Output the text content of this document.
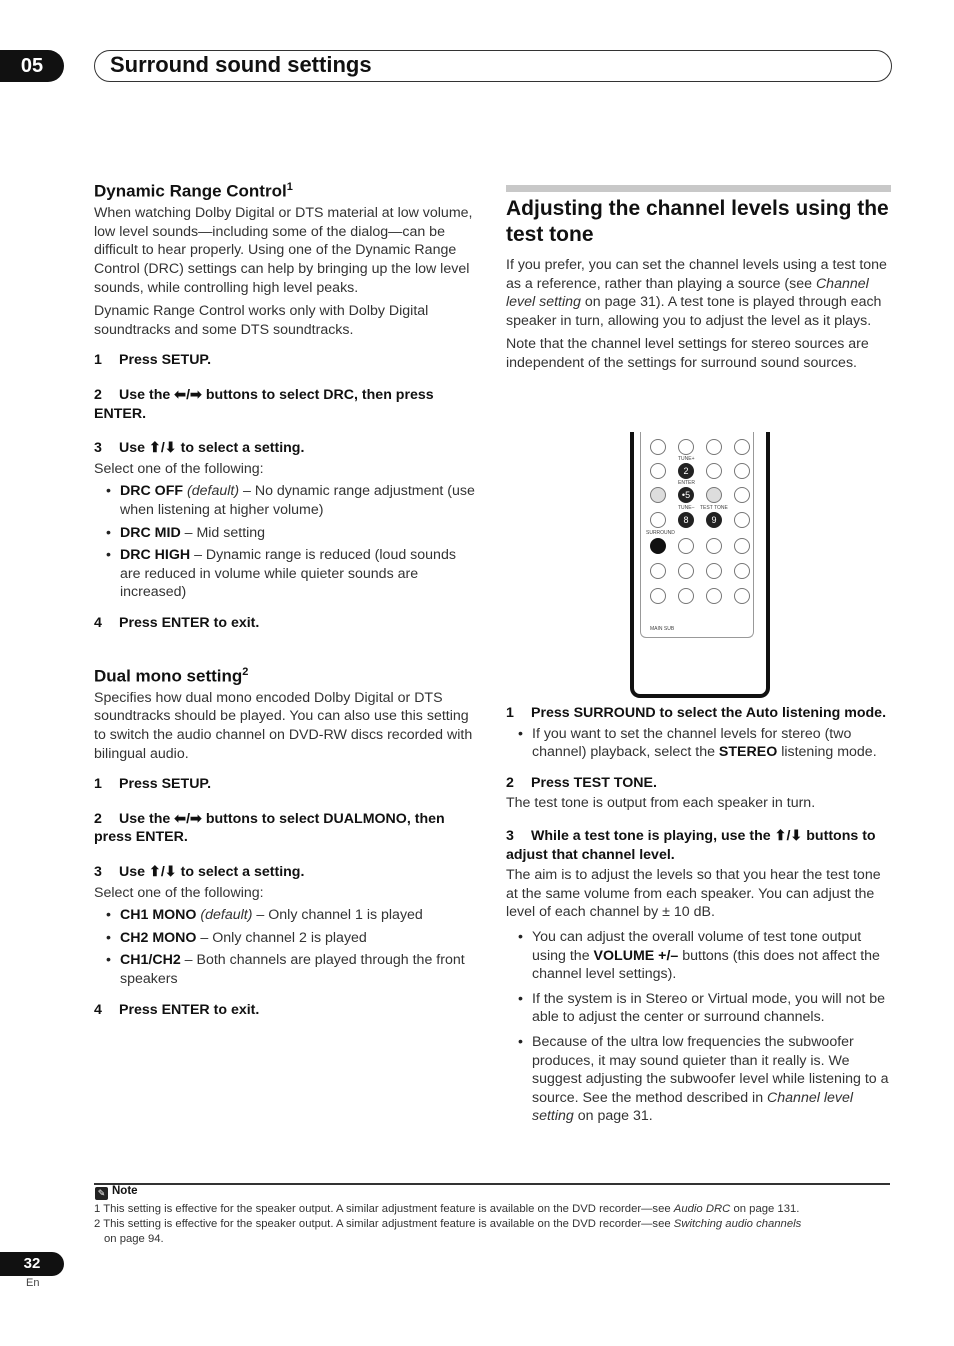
05	Surround sound settings
Dynamic Range Control$^1$

When watching Dolby Digital or DTS material at low volume, low level sounds—including some of the dialog—can be difficult to hear properly. Using one of the Dynamic Range Control (DRC) settings can help by bringing up the low level sounds, while controlling high level peaks.

Dynamic Range Control works only with Dolby Digital soundtracks and some DTS soundtracks.

1 Press SETUP.
2 Use the ⬅/➡ buttons to select DRC, then press ENTER.
3 Use ⬆/⬇ to select a setting.
Select one of the following:
• DRC OFF (default) – No dynamic range adjustment (use when listening at higher volume)
• DRC MID – Mid setting
• DRC HIGH – Dynamic range is reduced (loud sounds are reduced in volume while quieter sounds are increased)
4 Press ENTER to exit.
Dual mono setting$^2$

Specifies how dual mono encoded Dolby Digital or DTS soundtracks should be played. You can also use this setting to switch the audio channel on DVD-RW discs recorded with bilingual audio.

1 Press SETUP.
2 Use the ⬅/➡ buttons to select DUALMONO, then press ENTER.
3 Use ⬆/⬇ to select a setting.
Select one of the following:
• CH1 MONO (default) – Only channel 1 is played
• CH2 MONO – Only channel 2 is played
• CH1/CH2 – Both channels are played through the front speakers
4 Press ENTER to exit.
Adjusting the channel levels using the test tone

If you prefer, you can set the channel levels using a test tone as a reference, rather than playing a source (see Channel level setting on page 31). A test tone is played through each speaker in turn, allowing you to adjust the level as it plays.

Note that the channel level settings for stereo sources are independent of the settings for surround sound sources.

TUNE+
2
ENTER
•5
TUNE– TEST TONE
8	9
SURROUND
MAIN SUB
1 Press SURROUND to select the Auto listening mode.
• If you want to set the channel levels for stereo (two channel) playback, select the STEREO listening mode.
2 Press TEST TONE.
The test tone is output from each speaker in turn.
3 While a test tone is playing, use the ⬆/⬇ buttons to adjust that channel level.
The aim is to adjust the levels so that you hear the test tone at the same volume from each speaker. You can adjust the level of each channel by ± 10 dB.
• You can adjust the overall volume of test tone output using the VOLUME +/– buttons (this does not affect the channel level settings).
• If the system is in Stereo or Virtual mode, you will not be able to adjust the center or surround channels.
• Because of the ultra low frequencies the subwoofer produces, it may sound quieter than it really is. We suggest adjusting the subwoofer level while listening to a source. See the method described in Channel level setting on page 31.
✎ Note
1 This setting is effective for the speaker output. A similar adjustment feature is available on the DVD recorder—see Audio DRC on page 131.
2 This setting is effective for the speaker output. A similar adjustment feature is available on the DVD recorder—see Switching audio channels
on page 94.
32
En
